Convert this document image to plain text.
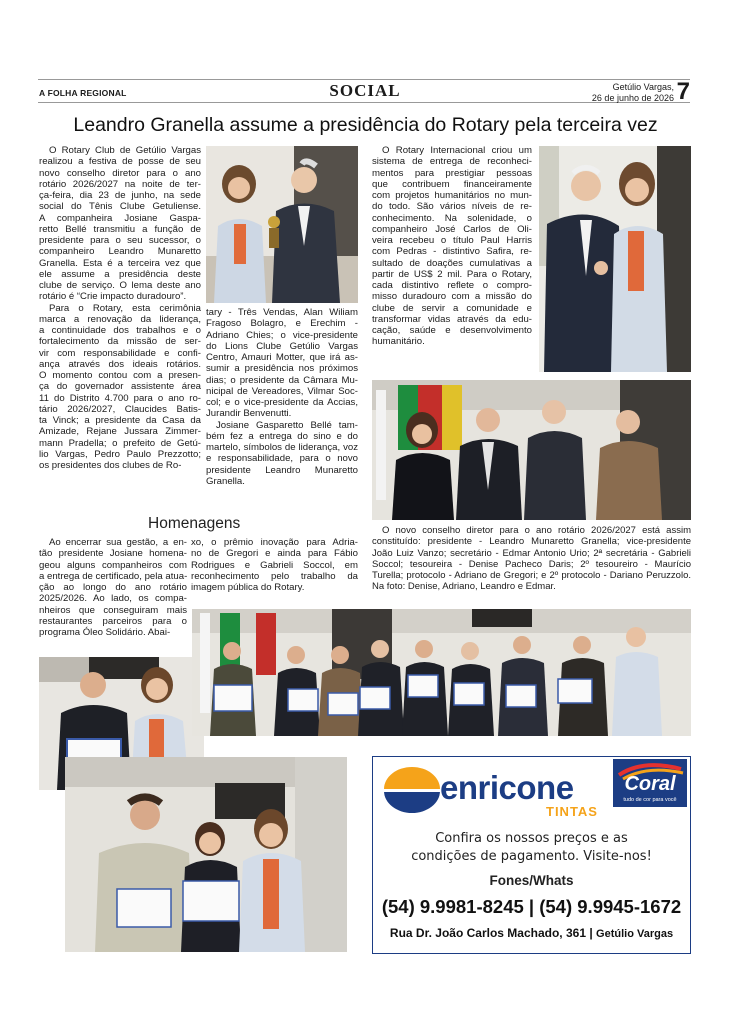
A FOLHA REGIONAL	SOCIAL	Getúlio Vargas,
26 de junho de 2026 7
Leandro Granella assume a presidência do Rotary pela terceira vez
O Rotary Club de Getúlio Vargas
realizou a festiva de posse de seu
novo conselho diretor para o ano
rotário 2026/2027 na noite de ter-
ça-feira, dia 23 de junho, na sede
social do Tênis Clube Getuliense.
A companheira Josiane Gaspa-
retto Bellé transmitiu a função de
presidente para o seu sucessor, o
companheiro Leandro Munaretto
Granella. Esta é a terceira vez que
ele assume a presidência deste
clube de serviço. O lema deste ano
rotário é “Crie impacto duradouro”.
Para o Rotary, esta cerimônia
marca a renovação da liderança,
a continuidade dos trabalhos e o
fortalecimento da missão de ser-
vir com responsabilidade e confi-
ança através dos ideais rotários.
O momento contou com a presen-
ça do governador assistente área
11 do Distrito 4.700 para o ano ro-
tário 2026/2027, Claucides Batis-
ta Vinck; a presidente da Casa da
Amizade, Rejane Jussara Zimmer-
mann Pradella; o prefeito de Getú-
lio Vargas, Pedro Paulo Prezzotto;
os presidentes dos clubes de Ro-
tary - Três Vendas, Alan Wiliam
Fragoso Bolagro, e Erechim -
Adriano Chies; o vice-presidente
do Lions Clube Getúlio Vargas
Centro, Amauri Motter, que irá as-
sumir a presidência nos próximos
dias; o presidente da Câmara Mu-
nicipal de Vereadores, Vilmar Soc-
col; e o vice-presidente da Accias,
Jurandir Benvenutti.
Josiane Gasparetto Bellé tam-
bém fez a entrega do sino e do
martelo, símbolos de liderança, voz
e responsabilidade, para o novo
presidente Leandro Munaretto
Granella.
O Rotary Internacional criou um
sistema de entrega de reconheci-
mentos para prestigiar pessoas
que contribuem financeiramente
com projetos humanitários no mun-
do todo. São vários níveis de re-
conhecimento. Na solenidade, o
companheiro José Carlos de Oli-
veira recebeu o título Paul Harris
com Pedras - distintivo Safira, re-
sultado de doações cumulativas a
partir de US$ 2 mil. Para o Rotary,
cada distintivo reflete o compro-
misso duradouro com a missão do
clube de servir a comunidade e
transformar vidas através da edu-
cação, saúde e desenvolvimento
humanitário.
O novo conselho diretor para o ano rotário 2026/2027 está assim
constituído: presidente - Leandro Munaretto Granella; vice-presidente
João Luiz Vanzo; secretário - Edmar Antonio Urio; 2ª secretária - Gabrieli
Soccol; tesoureira - Denise Pacheco Daris; 2º tesoureiro - Maurício
Turella; protocolo - Adriano de Gregori; e 2º protocolo - Dariano Peruzzolo.
Na foto: Denise, Adriano, Leandro e Edmar.
Homenagens
Ao encerrar sua gestão, a en-
tão presidente Josiane homena-
geou alguns companheiros com
a entrega de certificado, pela atua-
ção ao longo do ano rotário
2025/2026. Ao lado, os compa-
nheiros que conseguiram mais
restaurantes parceiros para o
programa Óleo Solidário. Abai-
xo, o prêmio inovação para Adria-
no de Gregori e ainda para Fábio
Rodrigues e Gabrieli Soccol, em
reconhecimento pelo trabalho da
imagem pública do Rotary.
enricone
TINTAS
Coral
tudo de cor para você
Confira os nossos preços e as
condições de pagamento. Visite-nos!
Fones/Whats
(54) 9.9981-8245 | (54) 9.9945-1672
Rua Dr. João Carlos Machado, 361 | Getúlio Vargas
